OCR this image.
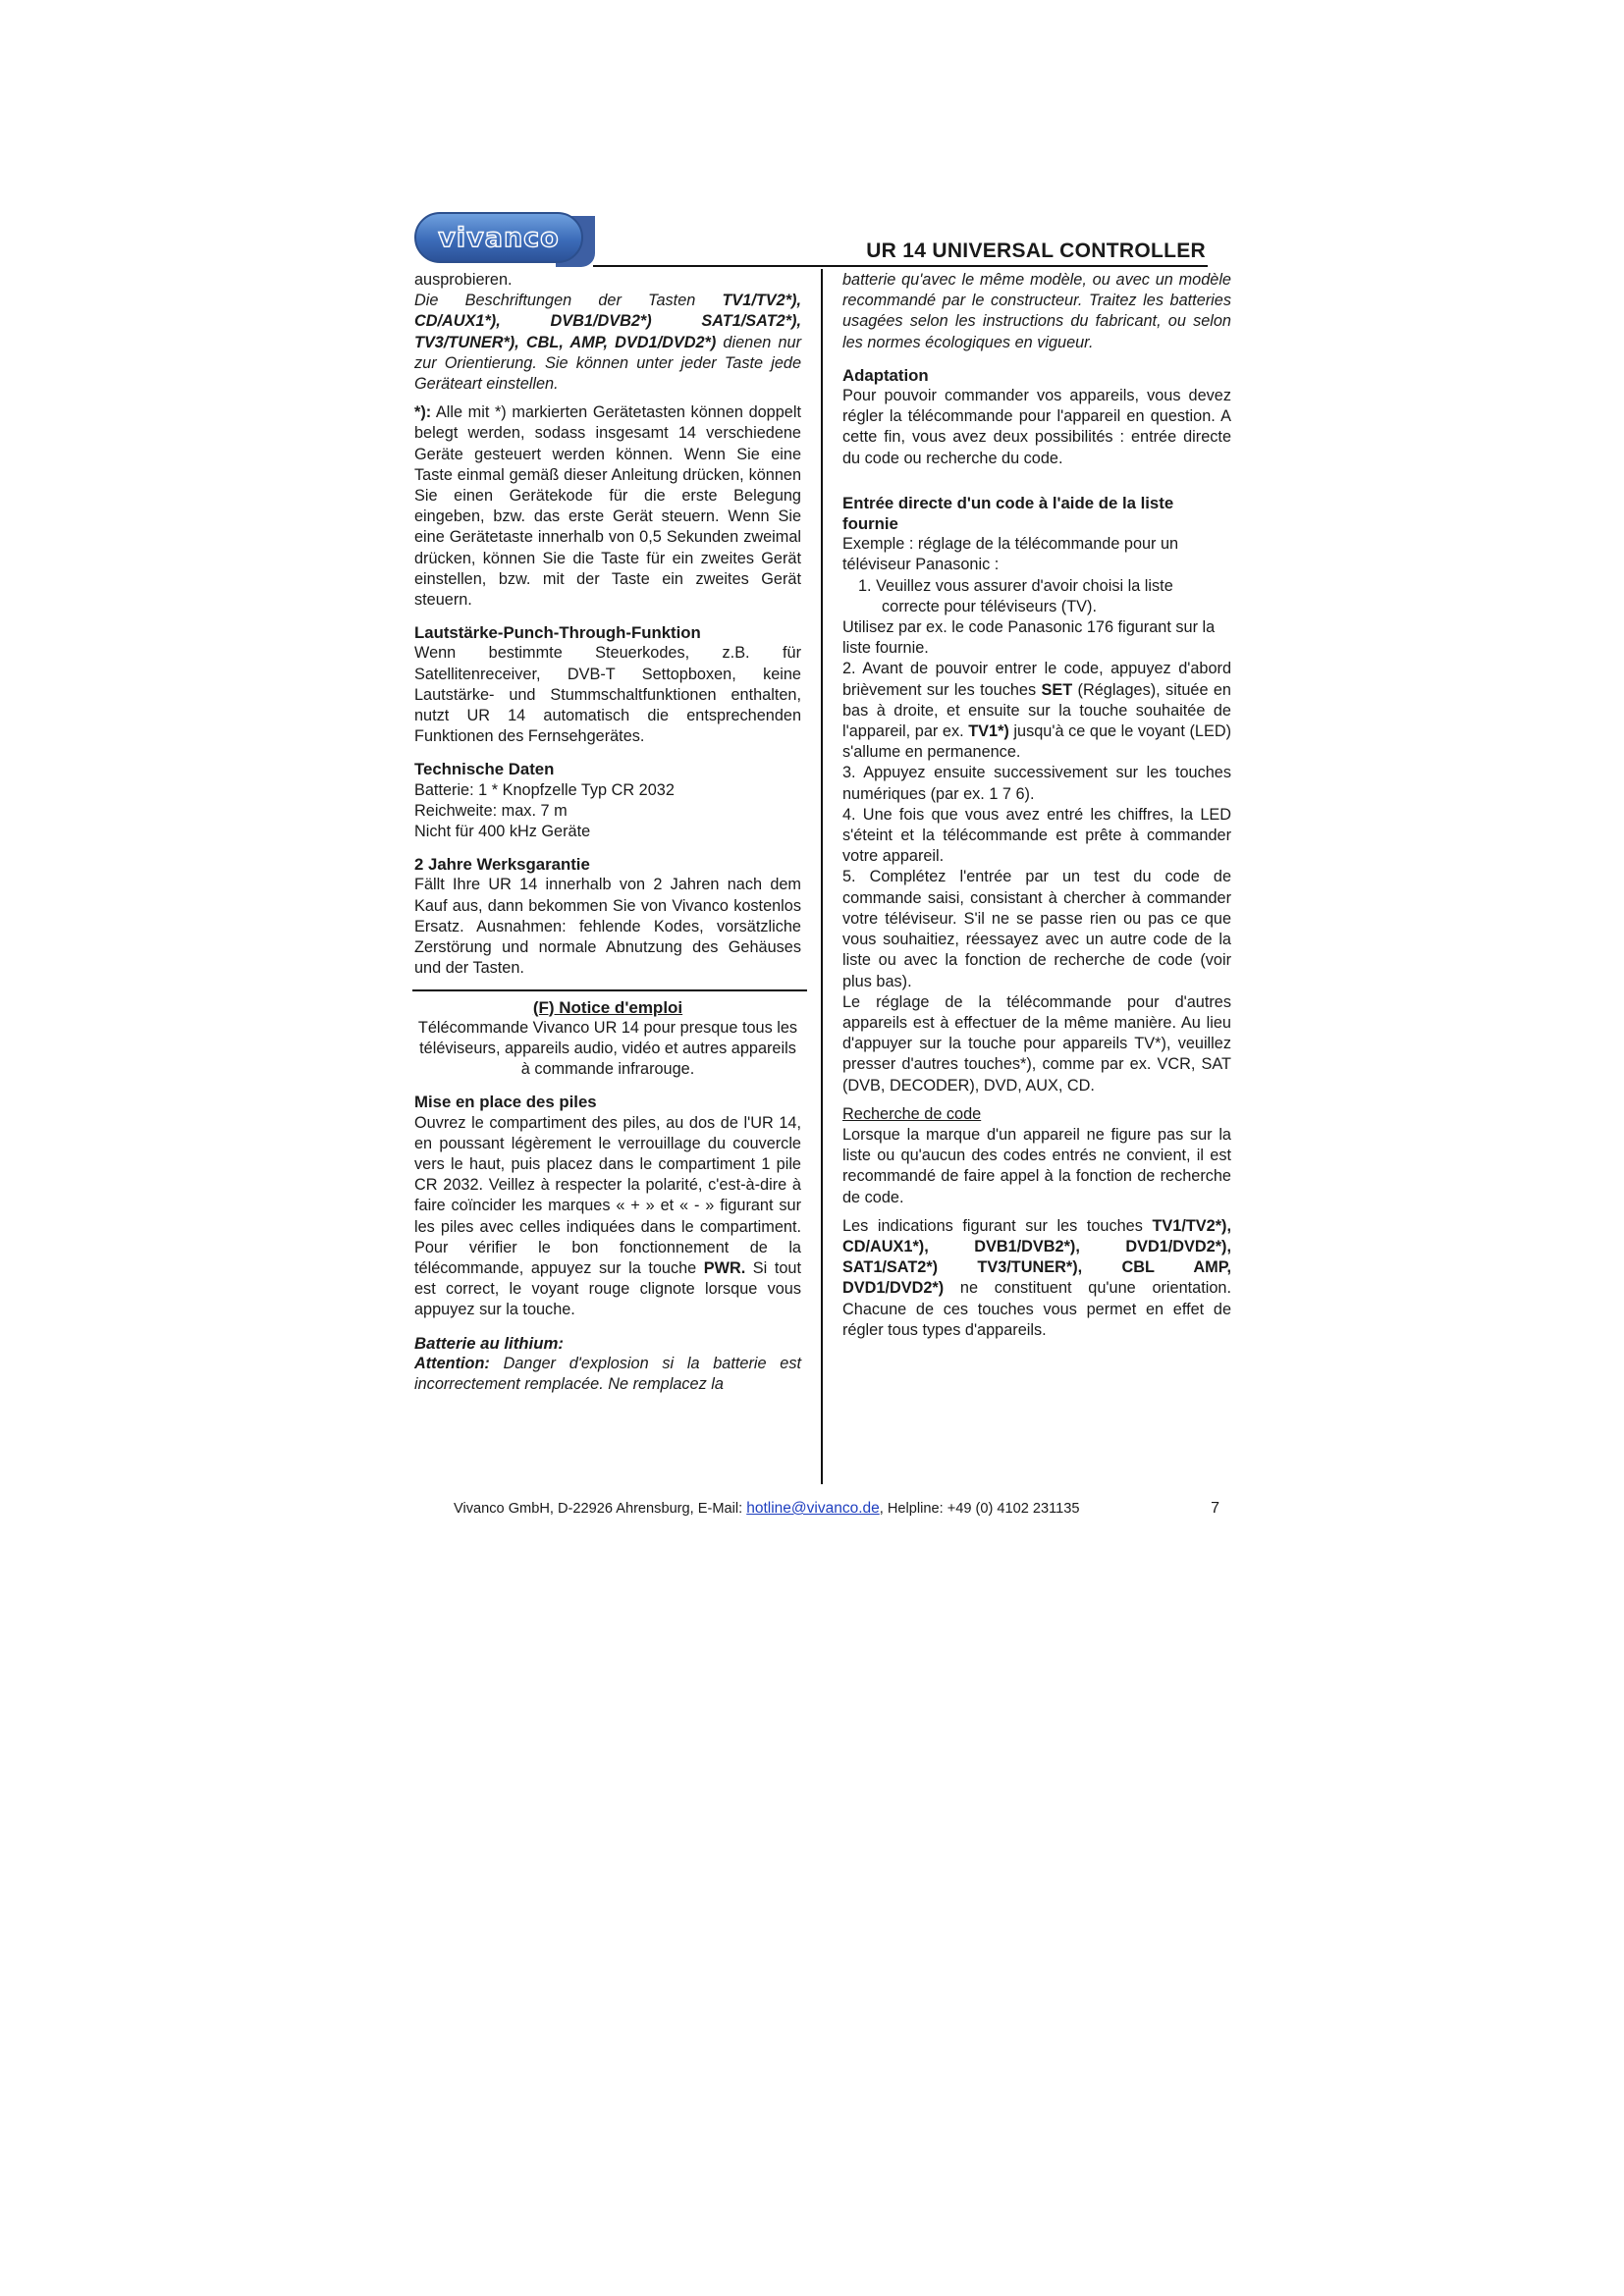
vivanco	UR 14 UNIVERSAL CONTROLLER

ausprobieren.

Die Beschriftungen der Tasten TV1/TV2*), CD/AUX1*), DVB1/DVB2*) SAT1/SAT2*), TV3/TUNER*), CBL, AMP, DVD1/DVD2*) dienen nur zur Orientierung. Sie können unter jeder Taste jede Geräteart einstellen.

*): Alle mit *) markierten Gerätetasten können doppelt belegt werden, sodass insgesamt 14 verschiedene Geräte gesteuert werden können. Wenn Sie eine Taste einmal gemäß dieser Anleitung drücken, können Sie einen Gerätekode für die erste Belegung eingeben, bzw. das erste Gerät steuern. Wenn Sie eine Gerätetaste innerhalb von 0,5 Sekunden zweimal drücken, können Sie die Taste für ein zweites Gerät einstellen, bzw. mit der Taste ein zweites Gerät steuern.

Lautstärke-Punch-Through-Funktion

Wenn bestimmte Steuerkodes, z.B. für Satellitenreceiver, DVB-T Settopboxen, keine Lautstärke- und Stummschaltfunktionen enthalten, nutzt UR 14 automatisch die entsprechenden Funktionen des Fernsehgerätes.

Technische Daten

Batterie: 1 * Knopfzelle Typ CR 2032

Reichweite: max. 7 m

Nicht für 400 kHz Geräte

2 Jahre Werksgarantie

Fällt Ihre UR 14 innerhalb von 2 Jahren nach dem Kauf aus, dann bekommen Sie von Vivanco kostenlos Ersatz. Ausnahmen: fehlende Kodes, vorsätzliche Zerstörung und normale Abnutzung des Gehäuses und der Tasten.

(F) Notice d'emploi

Télécommande Vivanco UR 14 pour presque tous les téléviseurs, appareils audio, vidéo et autres appareils à commande infrarouge.

Mise en place des piles

Ouvrez le compartiment des piles, au dos de l'UR 14, en poussant légèrement le verrouillage du couvercle vers le haut, puis placez dans le compartiment 1 pile CR 2032. Veillez à respecter la polarité, c'est-à-dire à faire coïncider les marques « + » et « - » figurant sur les piles avec celles indiquées dans le compartiment. Pour vérifier le bon fonctionnement de la télécommande, appuyez sur la touche PWR. Si tout est correct, le voyant rouge clignote lorsque vous appuyez sur la touche.

Batterie au lithium:

Attention: Danger d'explosion si la batterie est incorrectement remplacée. Ne remplacez la

batterie qu'avec le même modèle, ou avec un modèle recommandé par le constructeur. Traitez les batteries usagées selon les instructions du fabricant, ou selon les normes écologiques en vigueur.

Adaptation

Pour pouvoir commander vos appareils, vous devez régler la télécommande pour l'appareil en question. A cette fin, vous avez deux possibilités : entrée directe du code ou recherche du code.

Entrée directe d'un code à l'aide de la liste fournie

Exemple : réglage de la télécommande pour un téléviseur Panasonic :

1. Veuillez vous assurer d'avoir choisi la liste correcte pour téléviseurs (TV).

Utilisez par ex. le code Panasonic 176 figurant sur la liste fournie.

2. Avant de pouvoir entrer le code, appuyez d'abord brièvement sur les touches SET (Réglages), située en bas à droite, et ensuite sur la touche souhaitée de l'appareil, par ex. TV1*) jusqu'à ce que le voyant (LED) s'allume en permanence.

3. Appuyez ensuite successivement sur les touches numériques (par ex. 1 7 6).

4. Une fois que vous avez entré les chiffres, la LED s'éteint et la télécommande est prête à commander votre appareil.

5. Complétez l'entrée par un test du code de commande saisi, consistant à chercher à commander votre téléviseur. S'il ne se passe rien ou pas ce que vous souhaitiez, réessayez avec un autre code de la liste ou avec la fonction de recherche de code (voir plus bas).

Le réglage de la télécommande pour d'autres appareils est à effectuer de la même manière. Au lieu d'appuyer sur la touche pour appareils TV*), veuillez presser d'autres touches*), comme par ex. VCR, SAT (DVB, DECODER), DVD, AUX, CD.

Recherche de code

Lorsque la marque d'un appareil ne figure pas sur la liste ou qu'aucun des codes entrés ne convient, il est recommandé de faire appel à la fonction de recherche de code.

Les indications figurant sur les touches TV1/TV2*), CD/AUX1*), DVB1/DVB2*), DVD1/DVD2*), SAT1/SAT2*) TV3/TUNER*), CBL AMP, DVD1/DVD2*) ne constituent qu'une orientation. Chacune de ces touches vous permet en effet de régler tous types d'appareils.

Vivanco GmbH, D-22926 Ahrensburg, E-Mail: hotline@vivanco.de, Helpline: +49 (0) 4102 231135	7
